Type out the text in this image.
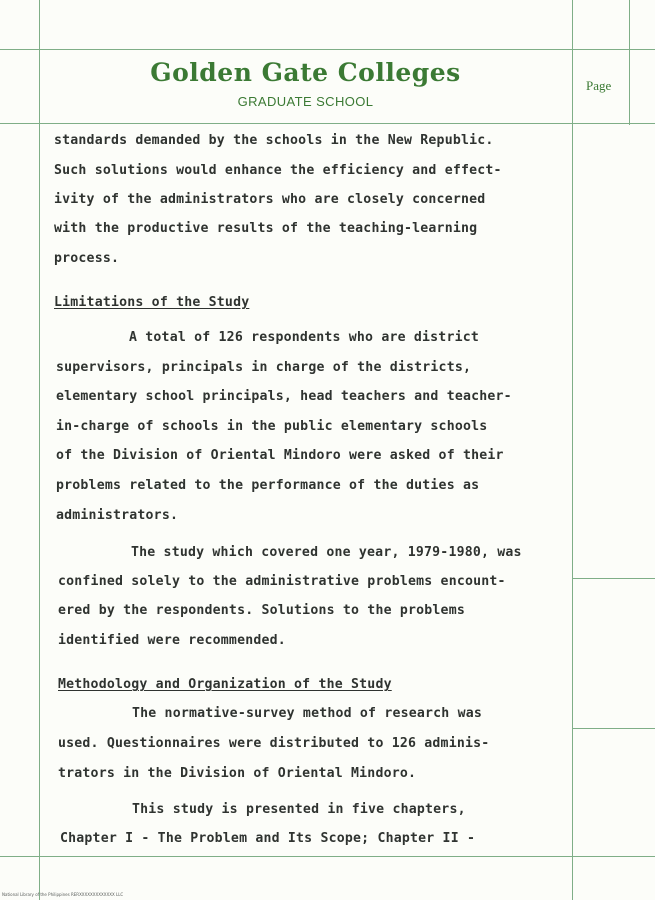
Golden Gate Colleges
GRADUATE SCHOOL
Page
standards demanded by the schools in the New Republic.
Such solutions would enhance the efficiency and effect-
ivity of the administrators who are closely concerned
with the productive results of the teaching-learning
process.
Limitations of the Study
A total of 126 respondents who are district
supervisors, principals in charge of the districts,
elementary school principals, head teachers and teacher-
in-charge of schools in the public elementary schools
of the Division of Oriental Mindoro were asked of their
problems related to the performance of the duties as
administrators.
The study which covered one year, 1979-1980, was
confined solely to the administrative problems encount-
ered by the respondents. Solutions to the problems
identified were recommended.
Methodology and Organization of the Study
The normative-survey method of research was
used. Questionnaires were distributed to 126 adminis-
trators in the Division of Oriental Mindoro.
This study is presented in five chapters,
Chapter I - The Problem and Its Scope; Chapter II -
National Library of the Philippines RERXXXXXXXXXXXXX LLC
